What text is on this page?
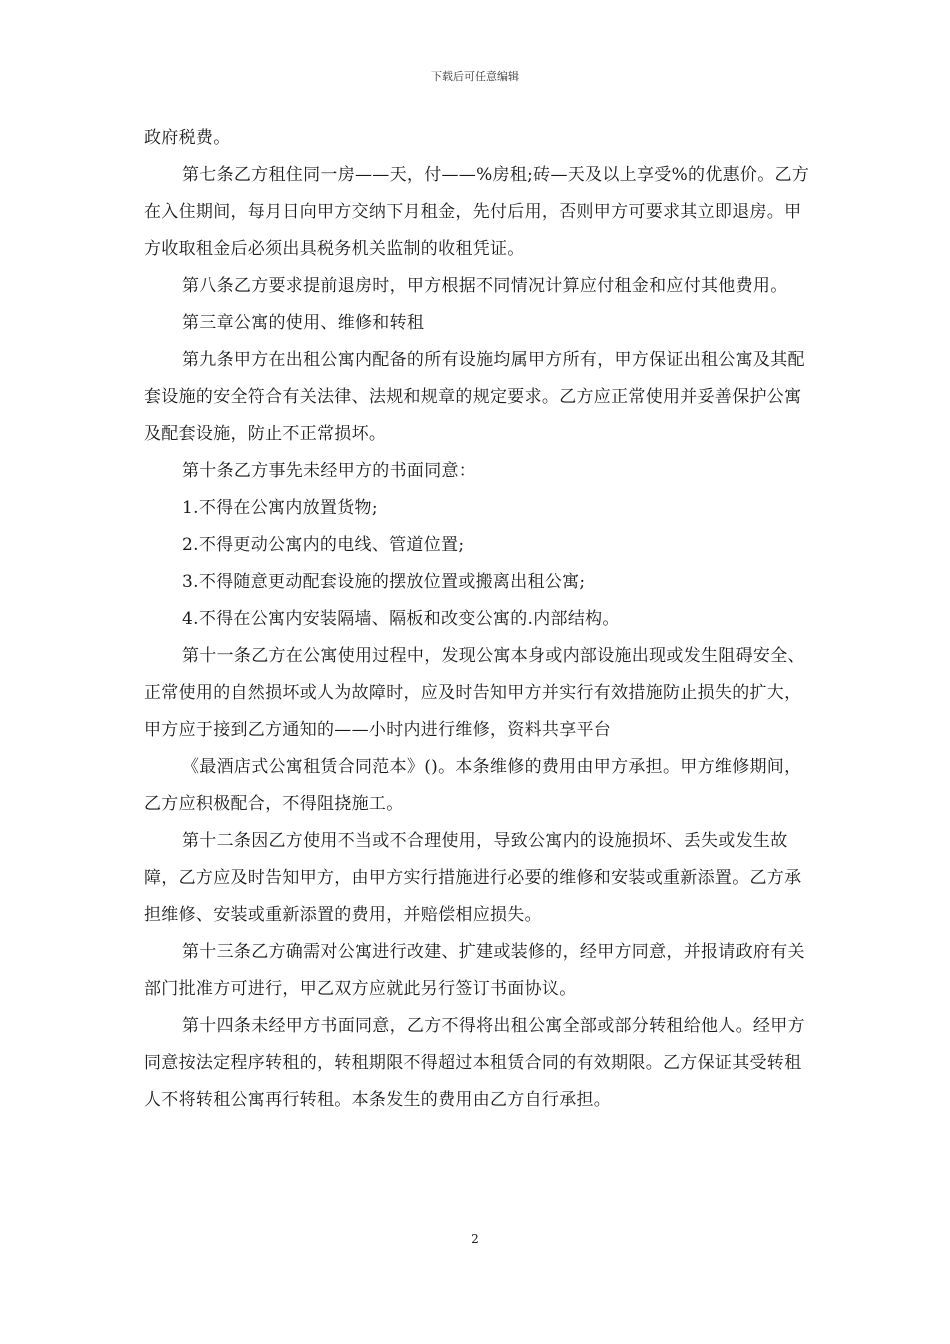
下载后可任意编辑

政府税费。

第七条乙方租住同一房——天，付——%房租;砖—天及以上享受%的优惠价。乙方在入住期间，每月日向甲方交纳下月租金，先付后用，否则甲方可要求其立即退房。甲方收取租金后必须出具税务机关监制的收租凭证。

第八条乙方要求提前退房时，甲方根据不同情况计算应付租金和应付其他费用。

第三章公寓的使用、维修和转租

第九条甲方在出租公寓内配备的所有设施均属甲方所有，甲方保证出租公寓及其配套设施的安全符合有关法律、法规和规章的规定要求。乙方应正常使用并妥善保护公寓及配套设施，防止不正常损坏。

第十条乙方事先未经甲方的书面同意：

1.不得在公寓内放置货物;

2.不得更动公寓内的电线、管道位置;

3.不得随意更动配套设施的摆放位置或搬离出租公寓;

4.不得在公寓内安装隔墙、隔板和改变公寓的.内部结构。

第十一条乙方在公寓使用过程中，发现公寓本身或内部设施出现或发生阻碍安全、正常使用的自然损坏或人为故障时，应及时告知甲方并实行有效措施防止损失的扩大，甲方应于接到乙方通知的——小时内进行维修，资料共享平台

《最酒店式公寓租赁合同范本》()。本条维修的费用由甲方承担。甲方维修期间，乙方应积极配合，不得阻挠施工。

第十二条因乙方使用不当或不合理使用，导致公寓内的设施损坏、丢失或发生故障，乙方应及时告知甲方，由甲方实行措施进行必要的维修和安装或重新添置。乙方承担维修、安装或重新添置的费用，并赔偿相应损失。

第十三条乙方确需对公寓进行改建、扩建或装修的，经甲方同意，并报请政府有关部门批准方可进行，甲乙双方应就此另行签订书面协议。

第十四条未经甲方书面同意，乙方不得将出租公寓全部或部分转租给他人。经甲方同意按法定程序转租的，转租期限不得超过本租赁合同的有效期限。乙方保证其受转租人不将转租公寓再行转租。本条发生的费用由乙方自行承担。

2
